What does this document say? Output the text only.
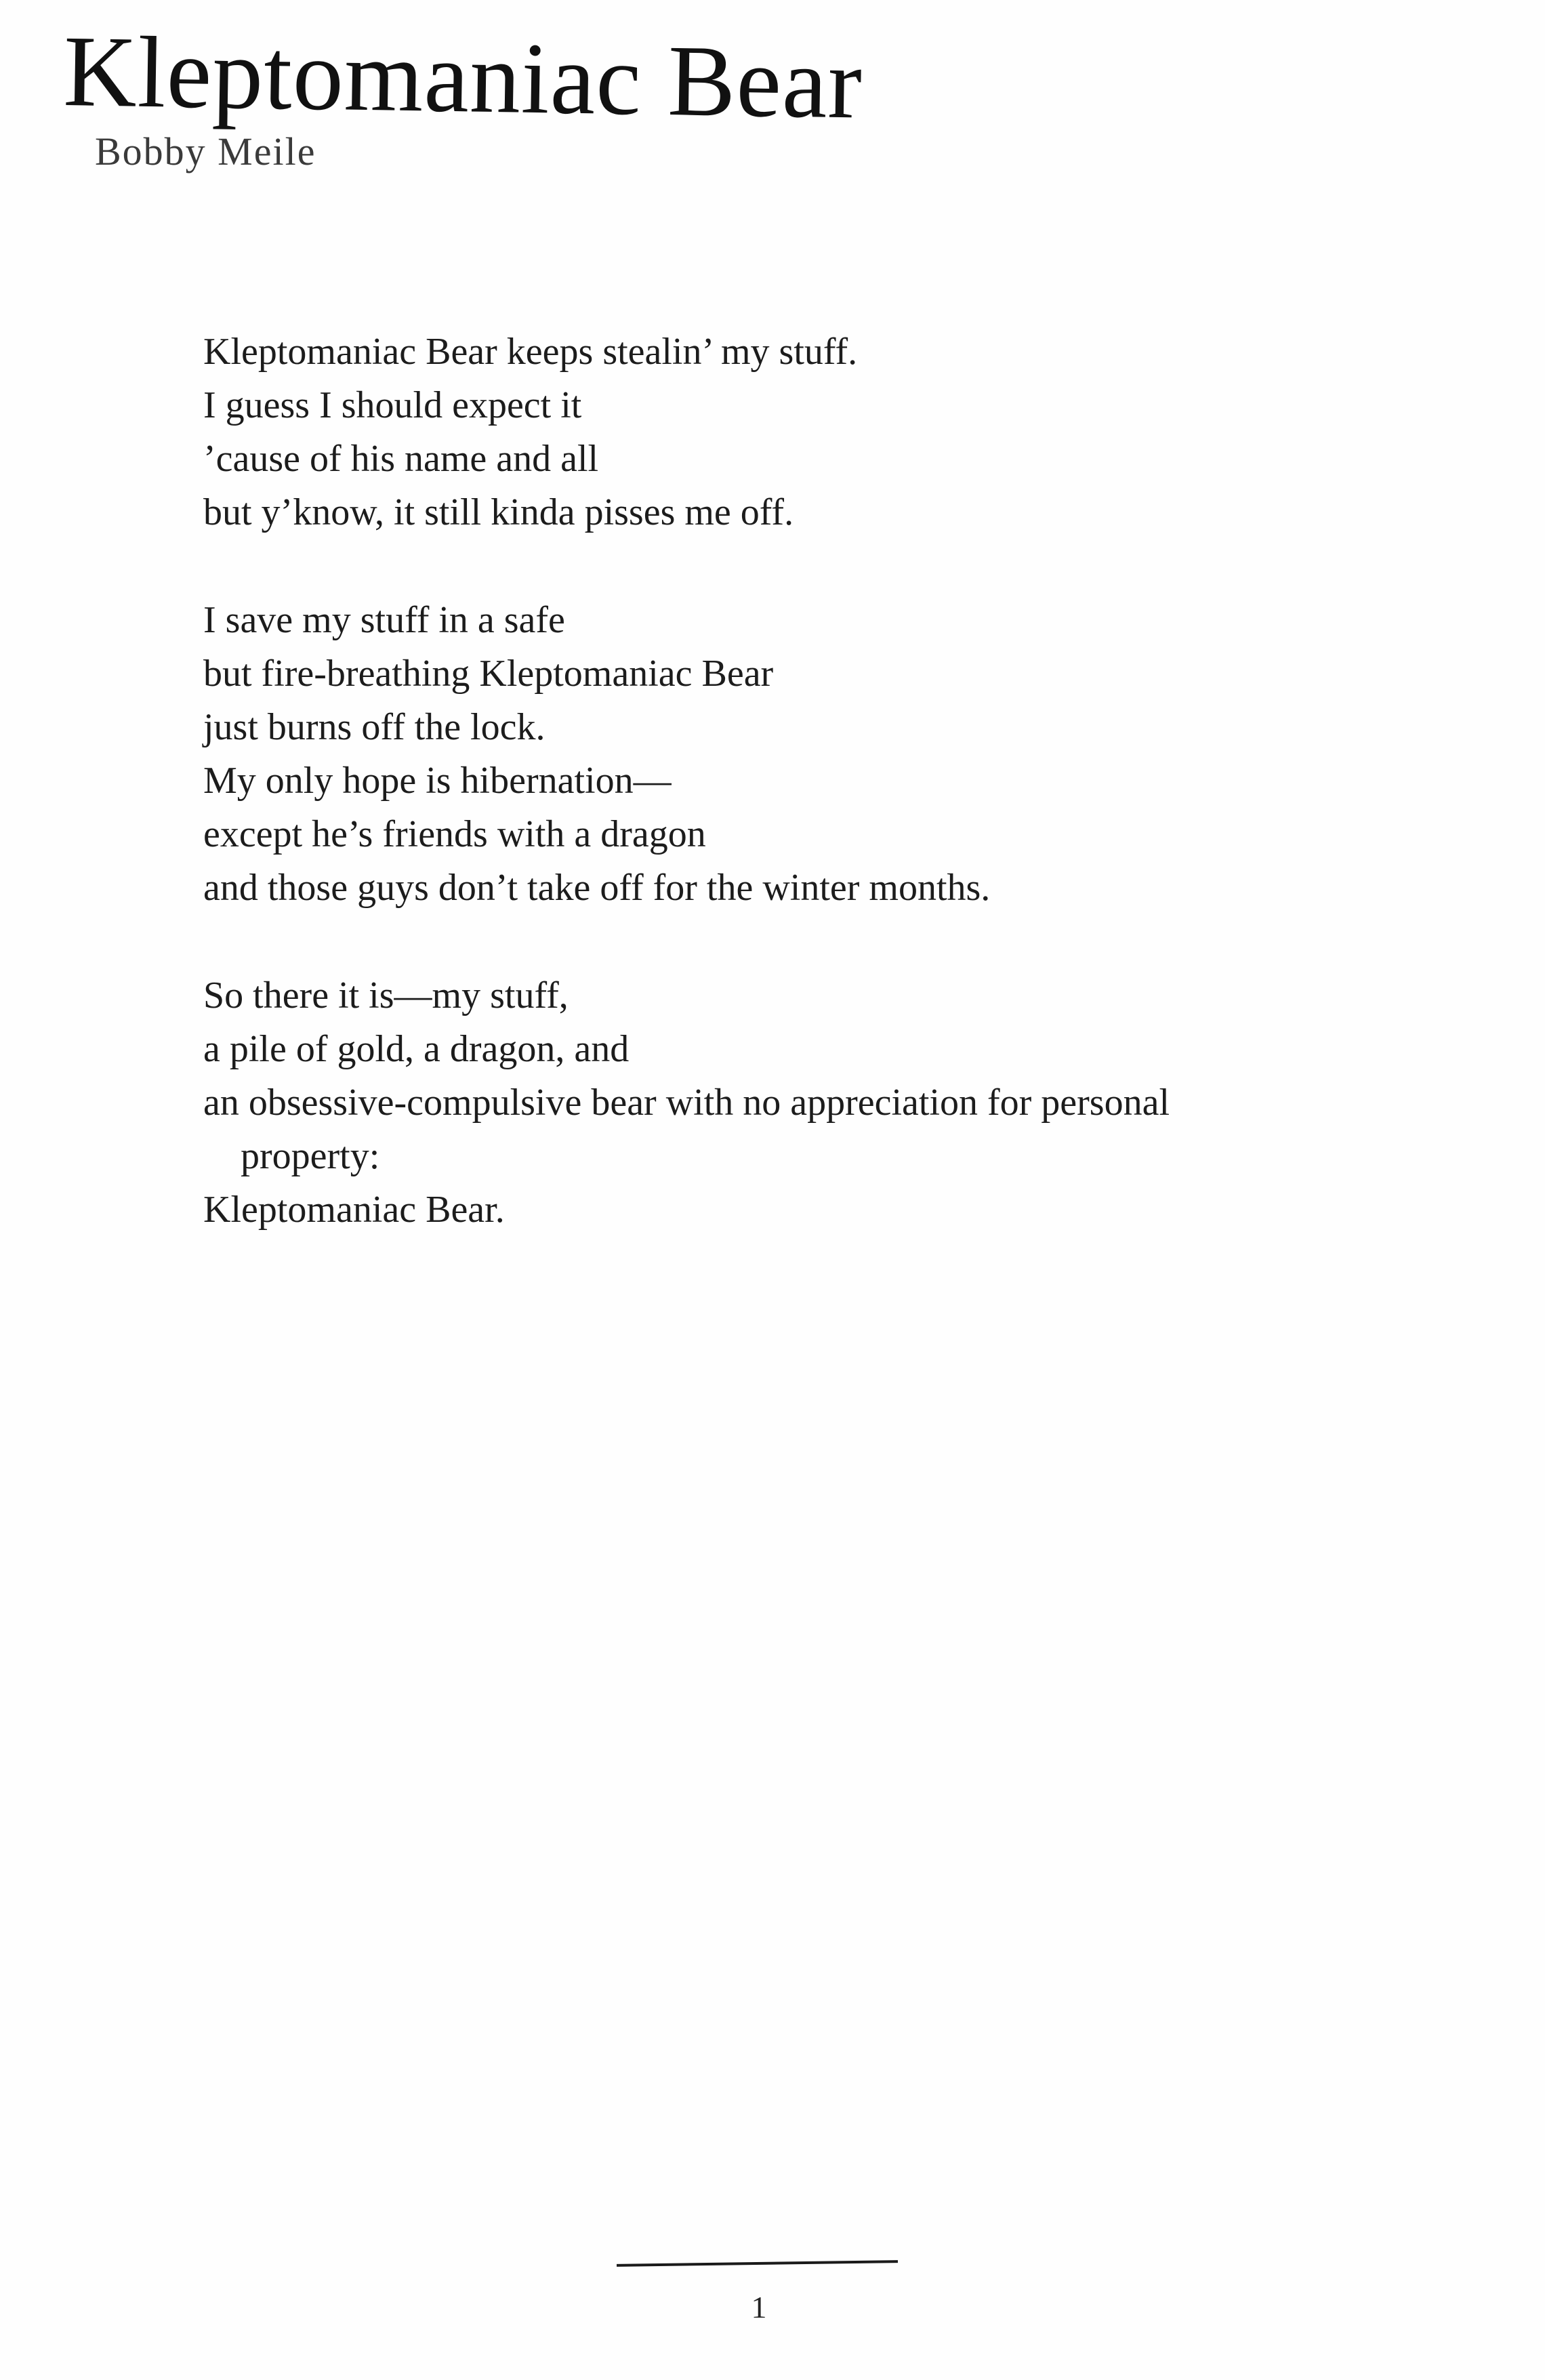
Kleptomaniac Bear
Bobby Meile
Kleptomaniac Bear keeps stealin’ my stuff.
I guess I should expect it
’cause of his name and all
but y’know, it still kinda pisses me off.
I save my stuff in a safe
but fire-breathing Kleptomaniac Bear
just burns off the lock.
My only hope is hibernation—
except he’s friends with a dragon
and those guys don’t take off for the winter months.
So there it is—my stuff,
a pile of gold, a dragon, and
an obsessive-compulsive bear with no appreciation for personal
property:
Kleptomaniac Bear.
1
